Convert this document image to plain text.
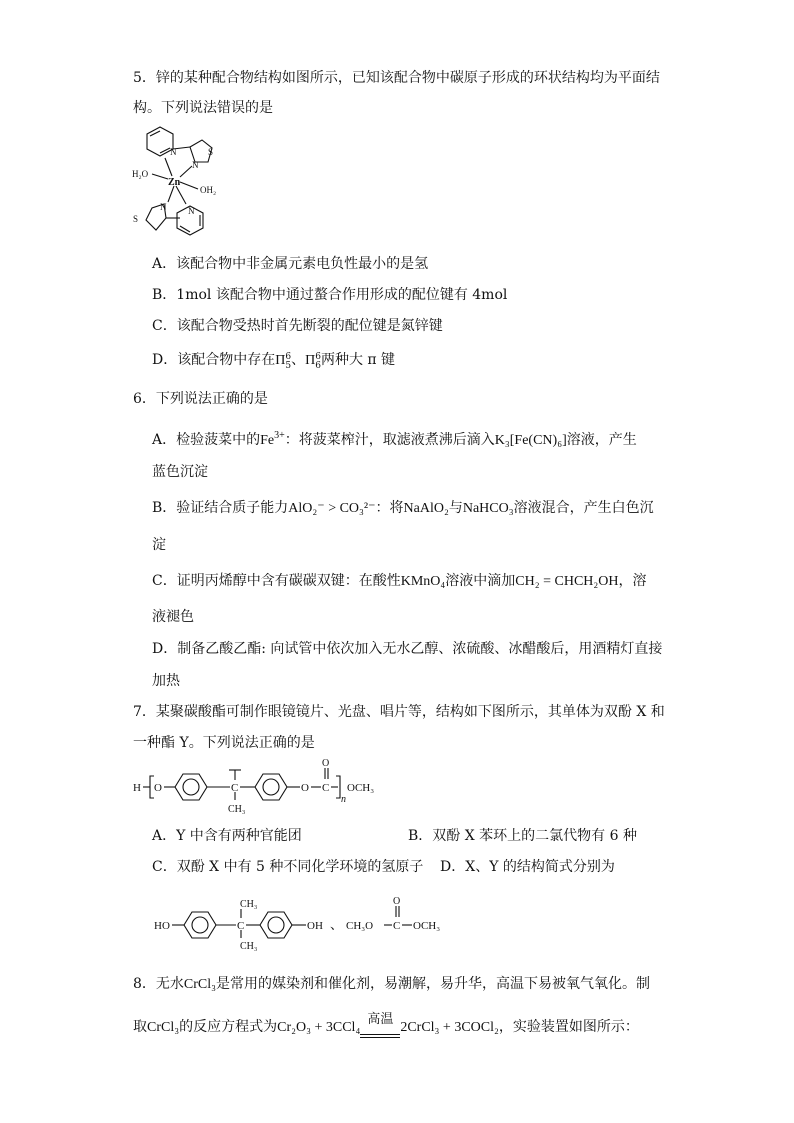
5．锌的某种配合物结构如图所示，已知该配合物中碳原子形成的环状结构均为平面结
构。下列说法错误的是
N	S
N
Zn
H₂O
OH₂
S
N N
A．该配合物中非金属元素电负性最小的是氢
B．1mol 该配合物中通过螯合作用形成的配位键有 4mol
C．该配合物受热时首先断裂的配位键是氮锌键
D．该配合物中存在Π 6
5 、Π 6
6 两种大 π 键
6．下列说法正确的是
A．检验菠菜中的$Fe^{3+}$：将菠菜榨汁，取滤液煮沸后滴入K₃[Fe(CN)₆]溶液，产生
蓝色沉淀
B．验证结合质子能力AlO₂⁻ > CO₃²⁻：将NaAlO₂与NaHCO₃溶液混合，产生白色沉
淀
C．证明丙烯醇中含有碳碳双键：在酸性KMnO₄溶液中滴加CH₂ = CHCH₂OH，溶
液褪色
D．制备乙酸乙酯: 向试管中依次加入无水乙醇、浓硫酸、冰醋酸后，用酒精灯直接
加热
7．某聚碳酸酯可制作眼镜镜片、光盘、唱片等，结构如下图所示，其单体为双酚 X 和
一种酯 Y。下列说法正确的是
H O	C
CH₃
O C
O
n
OCH₃
A．Y 中含有两种官能团	B．双酚 X 苯环上的二氯代物有 6 种
C．双酚 X 中有 5 种不同化学环境的氢原子 D．X、Y 的结构简式分别为
HO	C
CH₃
CH₃
OH 、 CH₃O C
O
OCH₃
8．无水CrCl₃是常用的媒染剂和催化剂，易潮解，易升华，高温下易被氧气氧化。制
取CrCl₃的反应方程式为Cr₂O₃ + 3CCl₄
高温
2CrCl₃ + 3COCl₂，实验装置如图所示：
